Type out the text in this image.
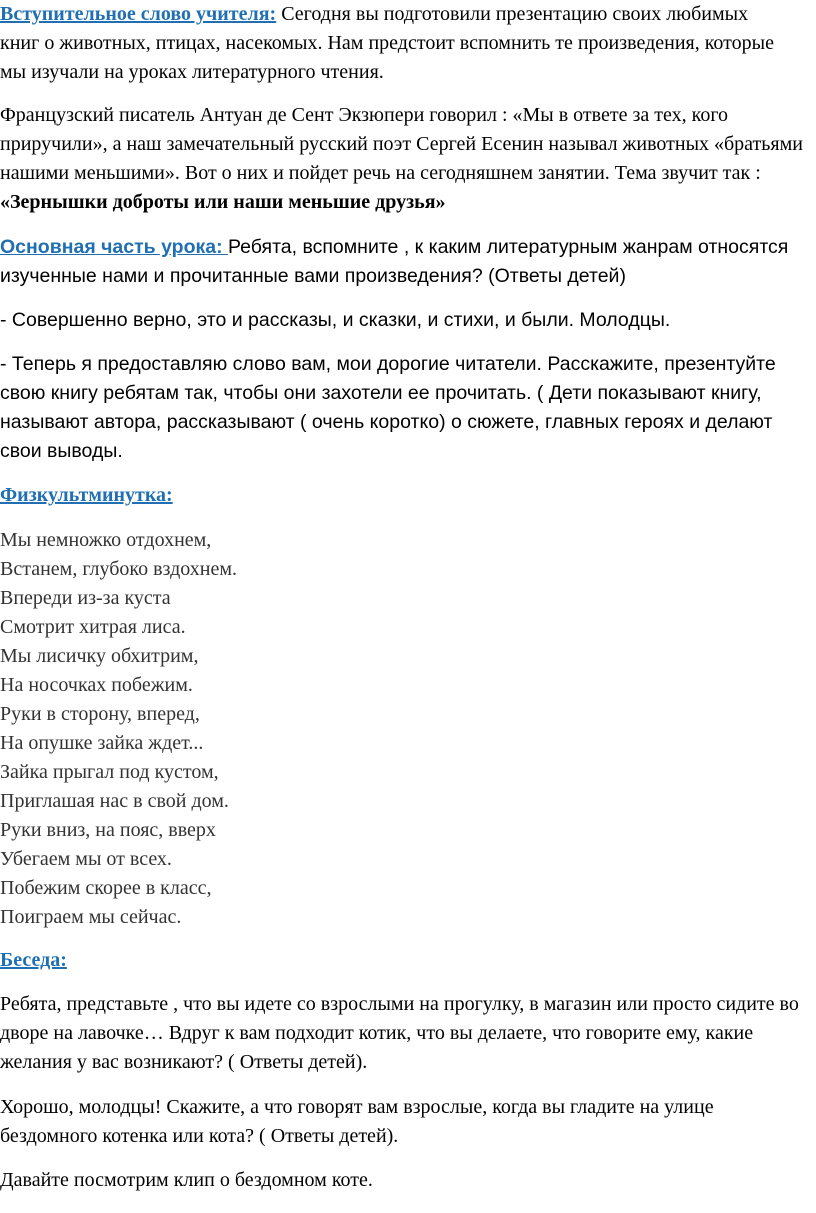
Вступительное слово учителя: Сегодня вы подготовили презентацию своих любимых книг о животных, птицах, насекомых. Нам предстоит вспомнить те произведения, которые мы изучали на уроках литературного чтения.

Французский писатель Антуан де Сент Экзюпери говорил : «Мы в ответе за тех, кого приручили», а наш замечательный русский поэт Сергей Есенин называл животных «братьями нашими меньшими». Вот о них и пойдет речь на сегодняшнем занятии. Тема звучит так : «Зернышки доброты или наши меньшие друзья»

Основная часть урока: Ребята, вспомните , к каким литературным жанрам относятся изученные нами и прочитанные вами произведения? (Ответы детей)

- Совершенно верно, это и рассказы, и сказки, и стихи, и были. Молодцы.

- Теперь я предоставляю слово вам, мои дорогие читатели. Расскажите, презентуйте свою книгу ребятам так, чтобы они захотели ее прочитать. ( Дети показывают книгу, называют автора, рассказывают ( очень коротко) о сюжете, главных героях и делают свои выводы.

Физкультминутка:

Мы немножко отдохнем,
Встанем, глубоко вздохнем.
Впереди из-за куста
Смотрит хитрая лиса.
Мы лисичку обхитрим,
На носочках побежим.
Руки в сторону, вперед,
На опушке зайка ждет...
Зайка прыгал под кустом,
Приглашая нас в свой дом.
Руки вниз, на пояс, вверх
Убегаем мы от всех.
Побежим скорее в класс,
Поиграем мы сейчас.

Беседа:

Ребята, представьте , что вы идете со взрослыми на прогулку, в магазин или просто сидите во дворе на лавочке… Вдруг к вам подходит котик, что вы делаете, что говорите ему, какие желания у вас возникают? ( Ответы детей).

Хорошо, молодцы! Скажите, а что говорят вам взрослые, когда вы гладите на улице бездомного котенка или кота? ( Ответы детей).

Давайте посмотрим клип о бездомном коте.
